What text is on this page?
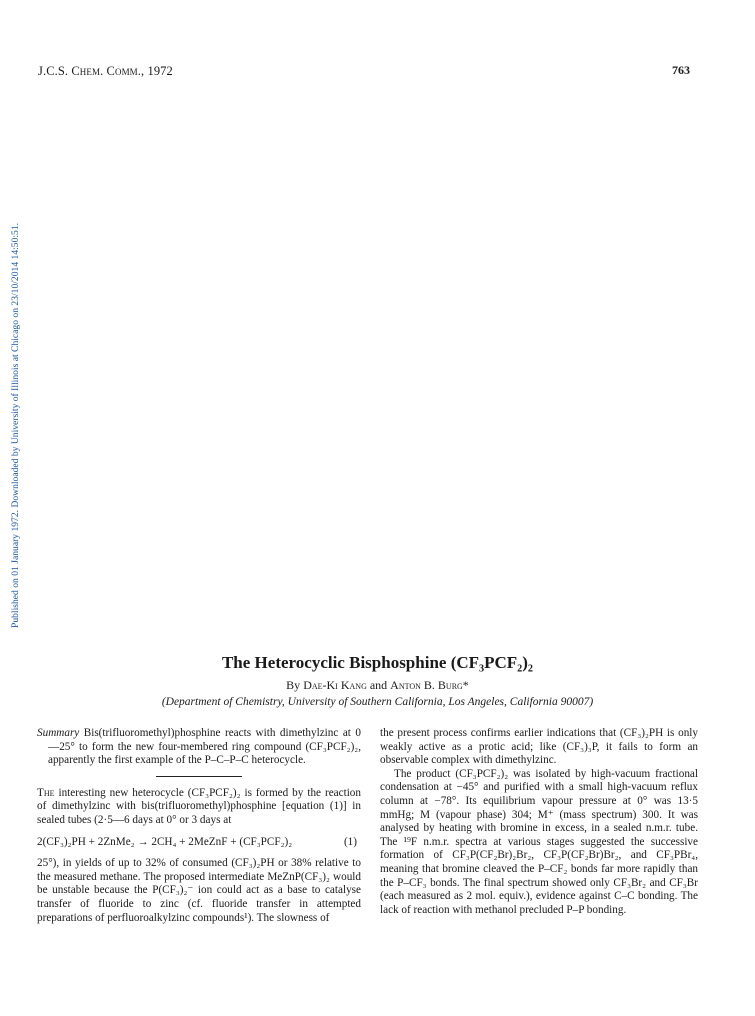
J.C.S. Chem. Comm., 1972	763
Published on 01 January 1972. Downloaded by University of Illinois at Chicago on 23/10/2014 14:50:51.
The Heterocyclic Bisphosphine (CF₃PCF₂)₂
By Dae-Ki Kang and Anton B. Burg*
(Department of Chemistry, University of Southern California, Los Angeles, California 90007)

Summary Bis(trifluoromethyl)phosphine reacts with dimethylzinc at 0—25° to form the new four-membered ring compound (CF₃PCF₂)₂, apparently the first example of the P–C–P–C heterocycle.

The interesting new heterocycle (CF₃PCF₂)₂ is formed by the reaction of dimethylzinc with bis(trifluoromethyl)phosphine [equation (1)] in sealed tubes (2·5—6 days at 0° or 3 days at

2(CF₃)₂PH + 2ZnMe₂ → 2CH₄ + 2MeZnF + (CF₃PCF₂)₂	(1)

25°), in yields of up to 32% of consumed (CF₃)₂PH or 38% relative to the measured methane. The proposed intermediate MeZnP(CF₃)₂ would be unstable because the P(CF₃)₂⁻ ion could act as a base to catalyse transfer of fluoride to zinc (cf. fluoride transfer in attempted preparations of perfluoroalkylzinc compounds¹). The slowness of

the present process confirms earlier indications that (CF₃)₂PH is only weakly active as a protic acid; like (CF₃)₃P, it fails to form an observable complex with dimethylzinc.

The product (CF₃PCF₂)₂ was isolated by high-vacuum fractional condensation at −45° and purified with a small high-vacuum reflux column at −78°. Its equilibrium vapour pressure at 0° was 13·5 mmHg; M (vapour phase) 304; M⁺ (mass spectrum) 300. It was analysed by heating with bromine in excess, in a sealed n.m.r. tube. The ¹⁹F n.m.r. spectra at various stages suggested the successive formation of CF₃P(CF₂Br)₂Br₂, CF₃P(CF₂Br)Br₂, and CF₃PBr₄, meaning that bromine cleaved the P–CF₂ bonds far more rapidly than the P–CF₃ bonds. The final spectrum showed only CF₃Br₂ and CF₃Br (each measured as 2 mol. equiv.), evidence against C–C bonding. The lack of reaction with methanol precluded P–P bonding.
